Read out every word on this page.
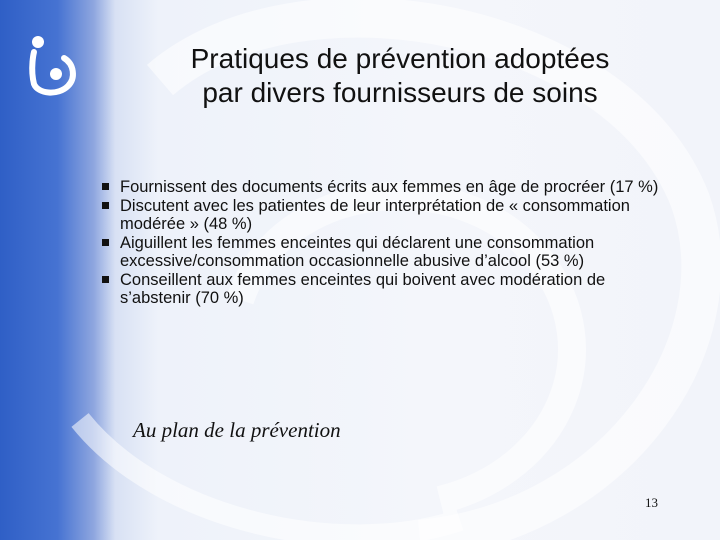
Pratiques de prévention adoptées
par divers fournisseurs de soins
Fournissent des documents écrits aux femmes en âge de procréer (17 %)
Discutent avec les patientes de leur interprétation de « consommation modérée » (48 %)
Aiguillent les femmes enceintes qui déclarent une consommation excessive/consommation occasionnelle abusive d’alcool (53 %)
Conseillent aux femmes enceintes qui boivent avec modération de s’abstenir (70 %)
Au plan de la prévention
13
